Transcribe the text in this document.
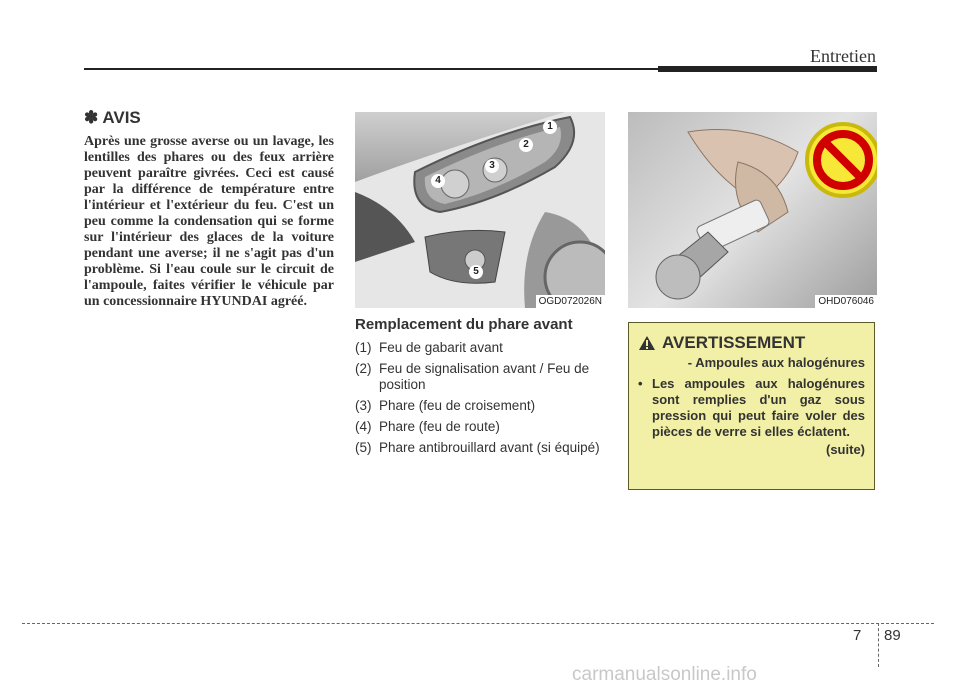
Entretien
✽ AVIS

Après une grosse averse ou un lavage, les lentilles des phares ou des feux arrière peuvent paraître givrées. Ceci est causé par la différence de température entre l'intérieur et l'extérieur du feu. C'est un peu comme la condensation qui se forme sur l'intérieur des glaces de la voiture pendant une averse; il ne s'agit pas d'un problème. Si l'eau coule sur le circuit de l'ampoule, faites vérifier le véhicule par un concessionnaire HYUNDAI agréé.

1
2
3
4
5
OGD072026N	OHD076046
Remplacement du phare avant
(1) Feu de gabarit avant
(2) Feu de signalisation avant / Feu de position
(3) Phare (feu de croisement)
(4) Phare (feu de route)
(5) Phare antibrouillard avant (si équipé)
AVERTISSEMENT
- Ampoules aux halogénures
• Les ampoules aux halogénures sont remplies d'un gaz sous pression qui peut faire voler des pièces de verre si elles éclatent.
(suite)
7 89
carmanualsonline.info
